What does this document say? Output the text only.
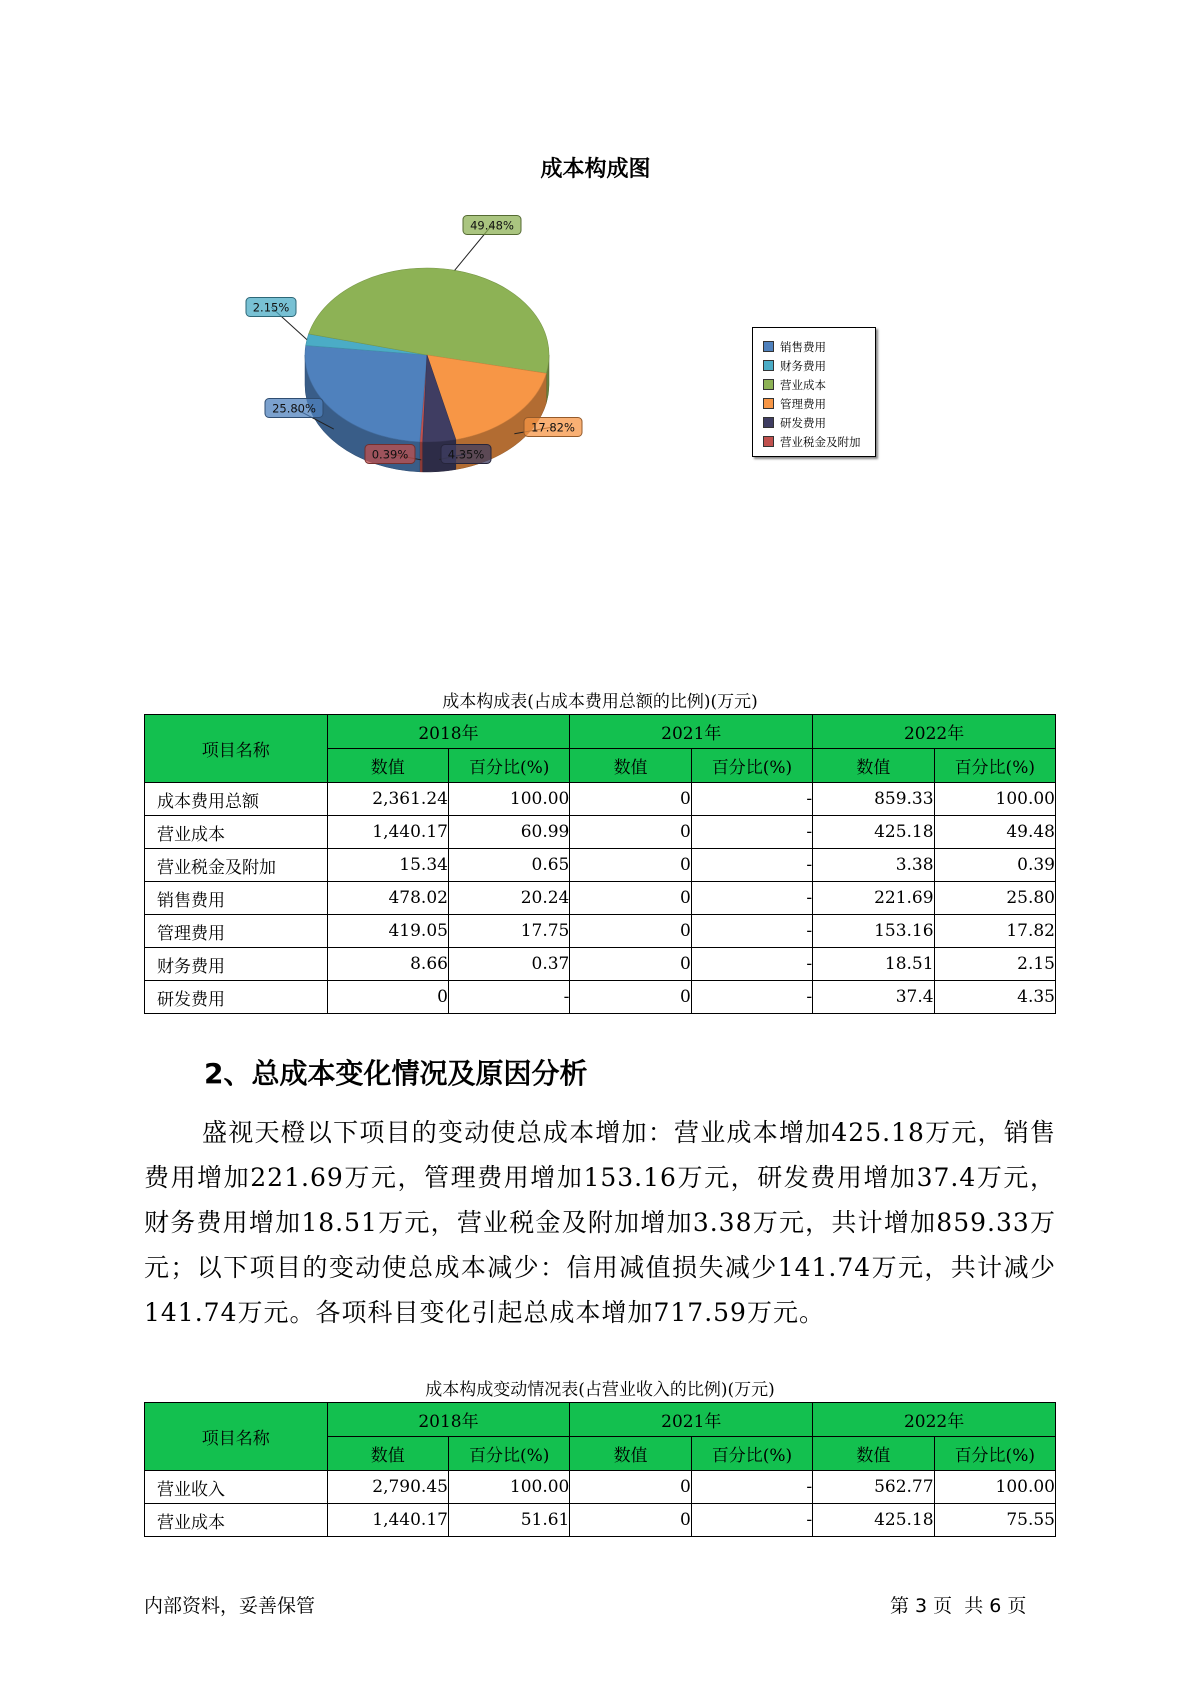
成本构成图
0.39%
25.80%
2.15%
49.48%
17.82%
4.35%
销售费用
财务费用
营业成本
管理费用
研发费用
营业税金及附加
成本构成表(占成本费用总额的比例)(万元)
项目名称	2018年		2021年		2022年	
	数值	百分比(%)	数值	百分比(%)	数值	百分比(%)
成本费用总额	2,361.24	100.00	0	-	859.33	100.00
营业成本	1,440.17	60.99	0	-	425.18	49.48
营业税金及附加	15.34	0.65	0	-	3.38	0.39
销售费用	478.02	20.24	0	-	221.69	25.80
管理费用	419.05	17.75	0	-	153.16	17.82
财务费用	8.66	0.37	0	-	18.51	2.15
研发费用	0	-	0	-	37.4	4.35
2、总成本变化情况及原因分析

盛视天橙以下项目的变动使总成本增加：营业成本增加425.18万元，销售费用增加221.69万元，管理费用增加153.16万元，研发费用增加37.4万元，财务费用增加18.51万元，营业税金及附加增加3.38万元，共计增加859.33万元；以下项目的变动使总成本减少：信用减值损失减少141.74万元，共计减少141.74万元。各项科目变化引起总成本增加717.59万元。

成本构成变动情况表(占营业收入的比例)(万元)
项目名称	2018年		2021年		2022年	
	数值	百分比(%)	数值	百分比(%)	数值	百分比(%)
营业收入	2,790.45	100.00	0	-	562.77	100.00
营业成本	1,440.17	51.61	0	-	425.18	75.55
内部资料，妥善保管	第 3 页  共 6 页
